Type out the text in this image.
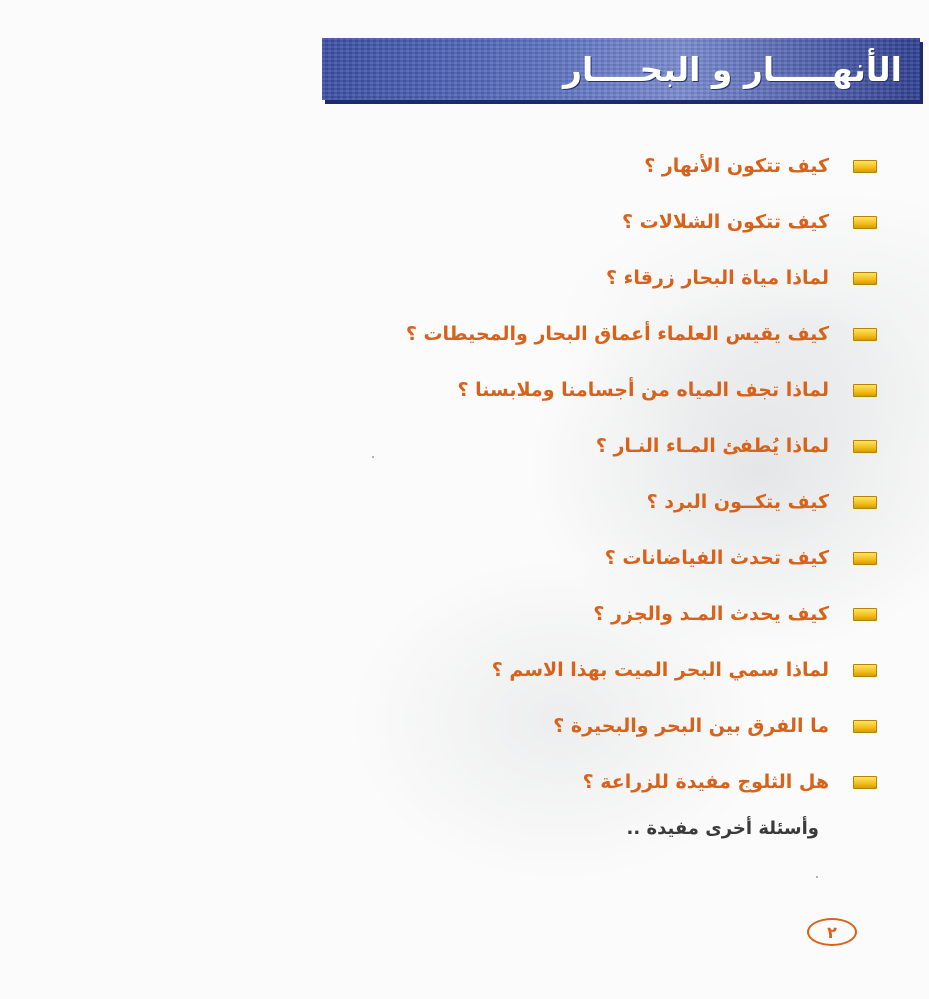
الأنهـــــار و البحــــار
كيف تتكون الأنهار ؟
كيف تتكون الشلالات ؟
لماذا مياة البحار زرقاء ؟
كيف يقيس العلماء أعماق البحار والمحيطات ؟
لماذا تجف المياه من أجسامنا وملابسنا ؟
لماذا يُطفئ المـاء النـار ؟
كيف يتكــون البرد ؟
كيف تحدث الفياضانات ؟
كيف يحدث المـد والجزر ؟
لماذا سمي البحر الميت بهذا الاسم ؟
ما الفرق بين البحر والبحيرة ؟
هل الثلوج مفيدة للزراعة ؟
وأسئلة أخرى مفيدة ..
٢
